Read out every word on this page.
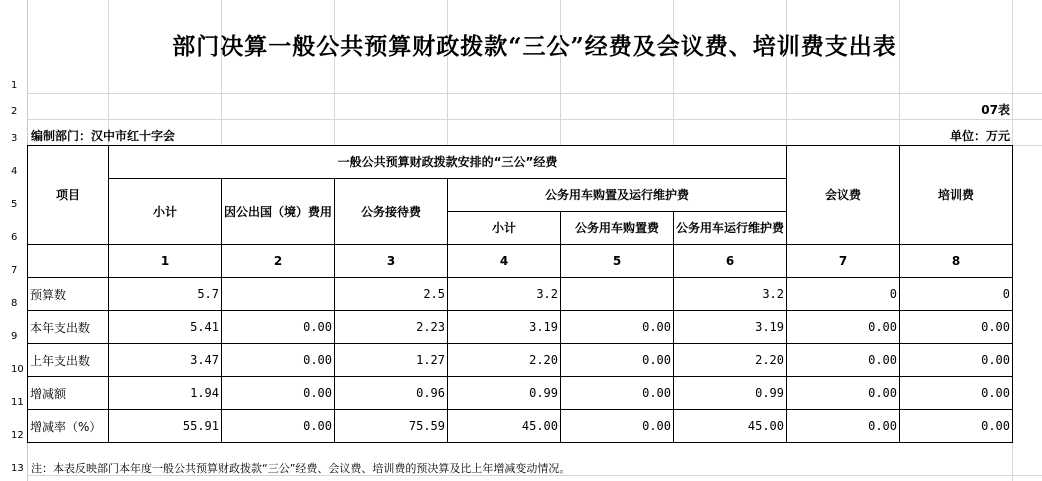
1
2
3
4
5
6
7
8
9
10
11
12
13
部门决算一般公共预算财政拨款“三公”经费及会议费、培训费支出表
07表
编制部门：汉中市红十字会	单位：万元
项目	一般公共预算财政拨款安排的“三公”经费						会议费	培训费
	小计	因公出国（境）费用	公务接待费	公务用车购置及运行维护费				
				小计	公务用车购置费	公务用车运行维护费		
	1	2	3	4	5	6	7	8
预算数	5.7		2.5	3.2		3.2	0	0
本年支出数	5.41	0.00	2.23	3.19	0.00	3.19	0.00	0.00
上年支出数	3.47	0.00	1.27	2.20	0.00	2.20	0.00	0.00
增减额	1.94	0.00	0.96	0.99	0.00	0.99	0.00	0.00
增减率（%）	55.91	0.00	75.59	45.00	0.00	45.00	0.00	0.00
注：本表反映部门本年度一般公共预算财政拨款“三公”经费、会议费、培训费的预决算及比上年增减变动情况。
